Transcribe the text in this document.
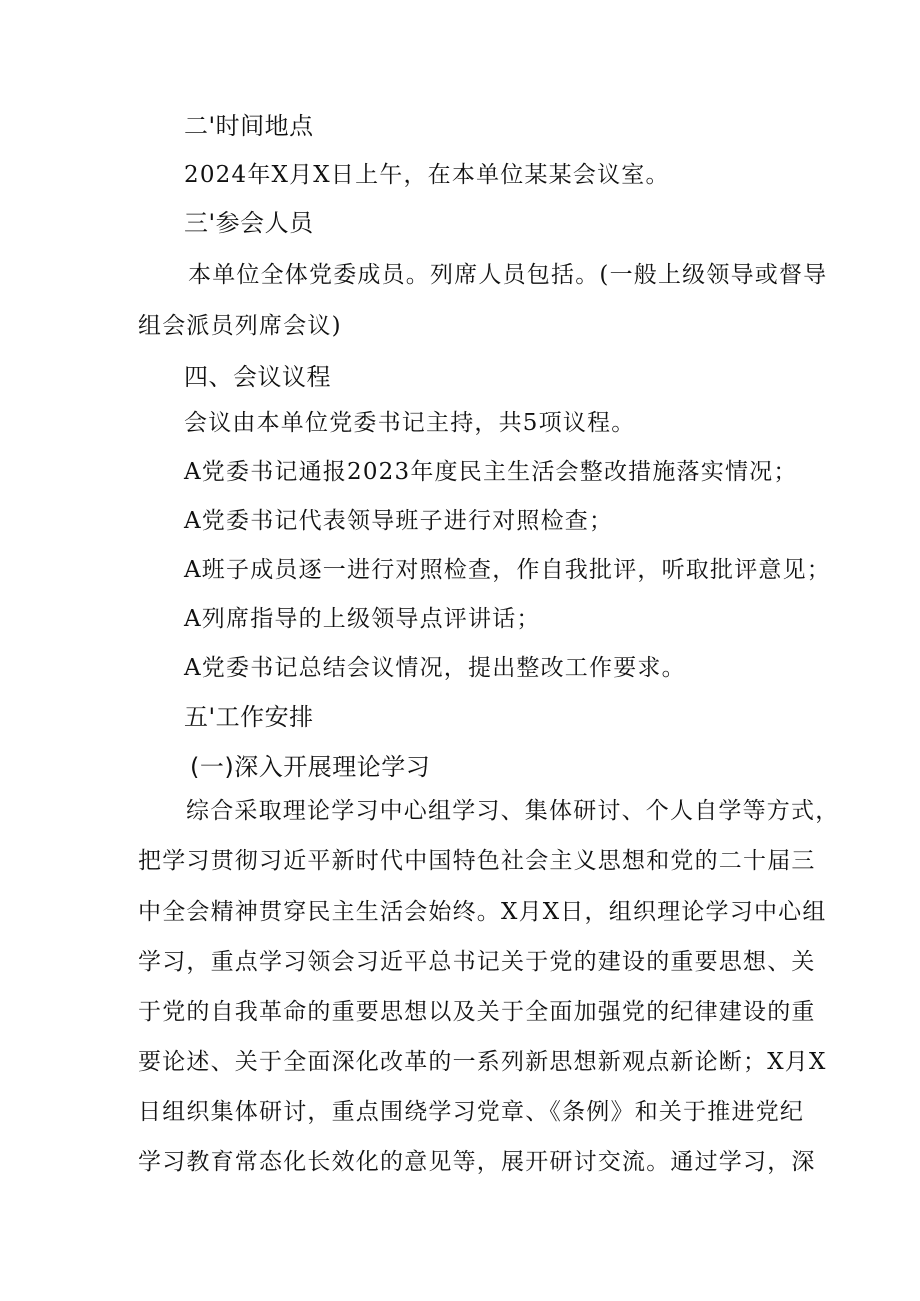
二'时间地点
2024年X月X日上午，在本单位某某会议室。
三'参会人员
本单位全体党委成员。列席人员包括。(一般上级领导或督导
组会派员列席会议)
四、会议议程
会议由本单位党委书记主持，共5项议程。
A党委书记通报2023年度民主生活会整改措施落实情况；
A党委书记代表领导班子进行对照检查；
A班子成员逐一进行对照检查，作自我批评，听取批评意见；
A列席指导的上级领导点评讲话；
A党委书记总结会议情况，提出整改工作要求。
五'工作安排
(一)深入开展理论学习
综合采取理论学习中心组学习、集体研讨、个人自学等方式，
把学习贯彻习近平新时代中国特色社会主义思想和党的二十届三
中全会精神贯穿民主生活会始终。X月X日，组织理论学习中心组
学习，重点学习领会习近平总书记关于党的建设的重要思想、关
于党的自我革命的重要思想以及关于全面加强党的纪律建设的重
要论述、关于全面深化改革的一系列新思想新观点新论断；X月X
日组织集体研讨，重点围绕学习党章、《条例》和关于推进党纪
学习教育常态化长效化的意见等，展开研讨交流。通过学习，深
